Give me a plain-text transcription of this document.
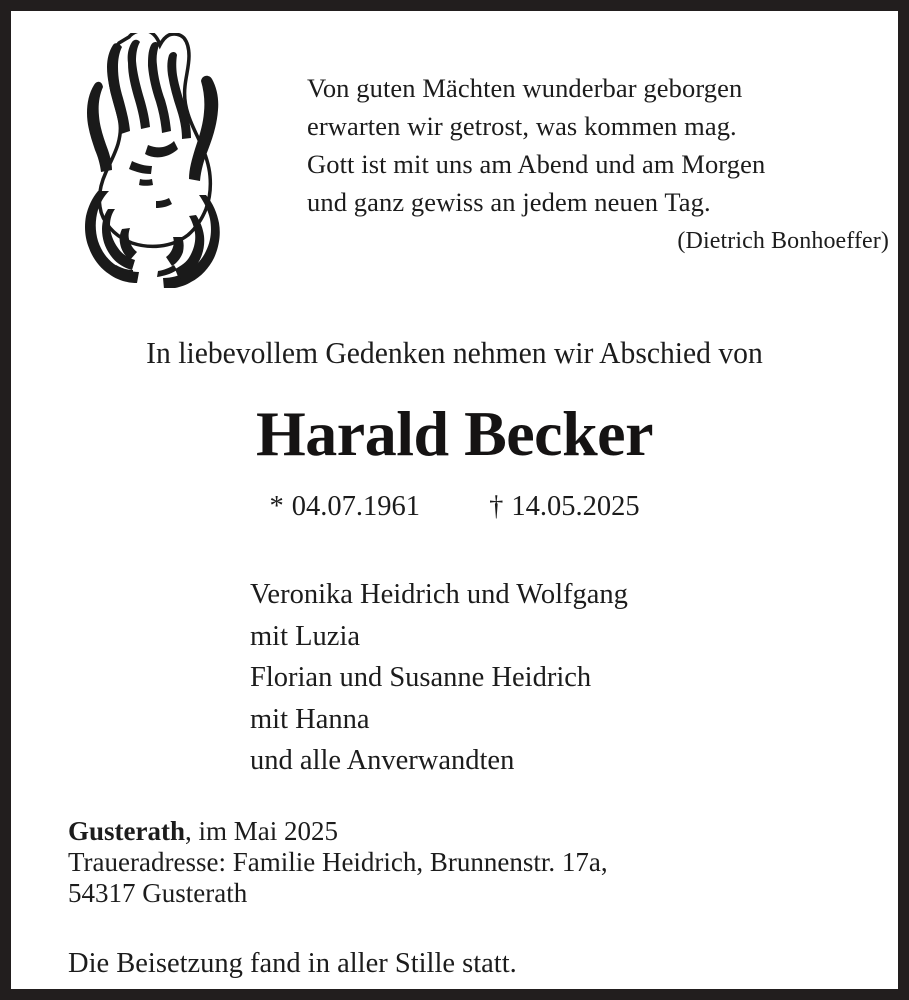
Von guten Mächten wunderbar geborgen
erwarten wir getrost, was kommen mag.
Gott ist mit uns am Abend und am Morgen
und ganz gewiss an jedem neuen Tag.
(Dietrich Bonhoeffer)
In liebevollem Gedenken nehmen wir Abschied von
Harald Becker
* 04.07.1961 † 14.05.2025
Veronika Heidrich und Wolfgang
mit Luzia
Florian und Susanne Heidrich
mit Hanna
und alle Anverwandten
Gusterath, im Mai 2025
Traueradresse: Familie Heidrich, Brunnenstr. 17a,
54317 Gusterath
Die Beisetzung fand in aller Stille statt.
